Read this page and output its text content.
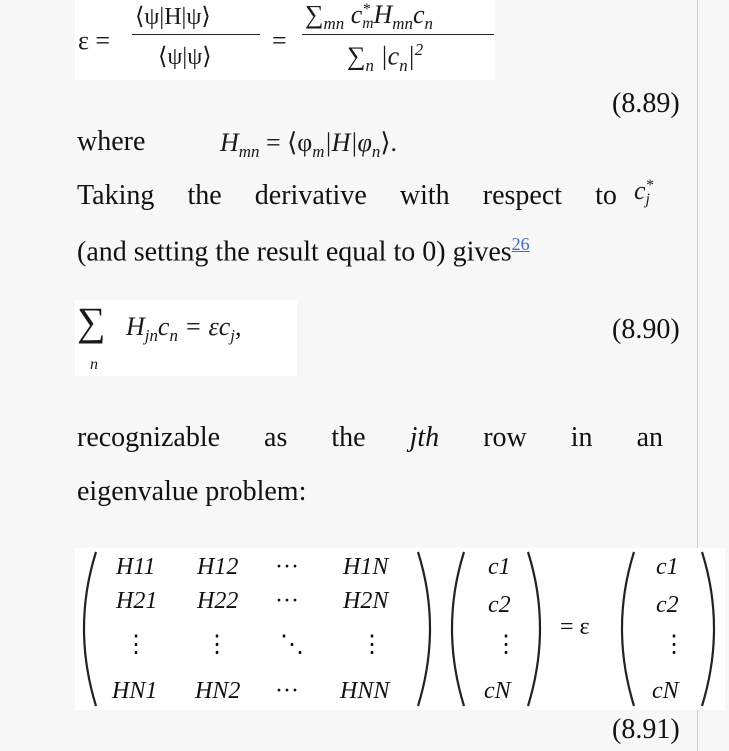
ε =
⟨ψ|H|ψ⟩
⟨ψ|ψ⟩
=
$\sum_{mn}$ c*
$mH_{mn}c_n$
$\sum_n$ $|c_n|^2$
(8.89)
where	$H_{mn}$ = $⟨\varphi_m|H|\varphi_n⟩$.
Taking the derivative with respect to c*
j
(and setting the result equal to 0) gives$^{26}$
∑
n
$H_{jn}c_n = \varepsilon c_j$,	(8.90)
recognizable as the jth row in an
eigenvalue problem:
H11 H12 ··· H1N
H21 H22 ··· H2N
⋮ ⋮ ⋱ ⋮
HN1 HN2 ··· HNN
c1
c2
⋮
cN
= ε
c1
c2
⋮
cN
(8.91)
